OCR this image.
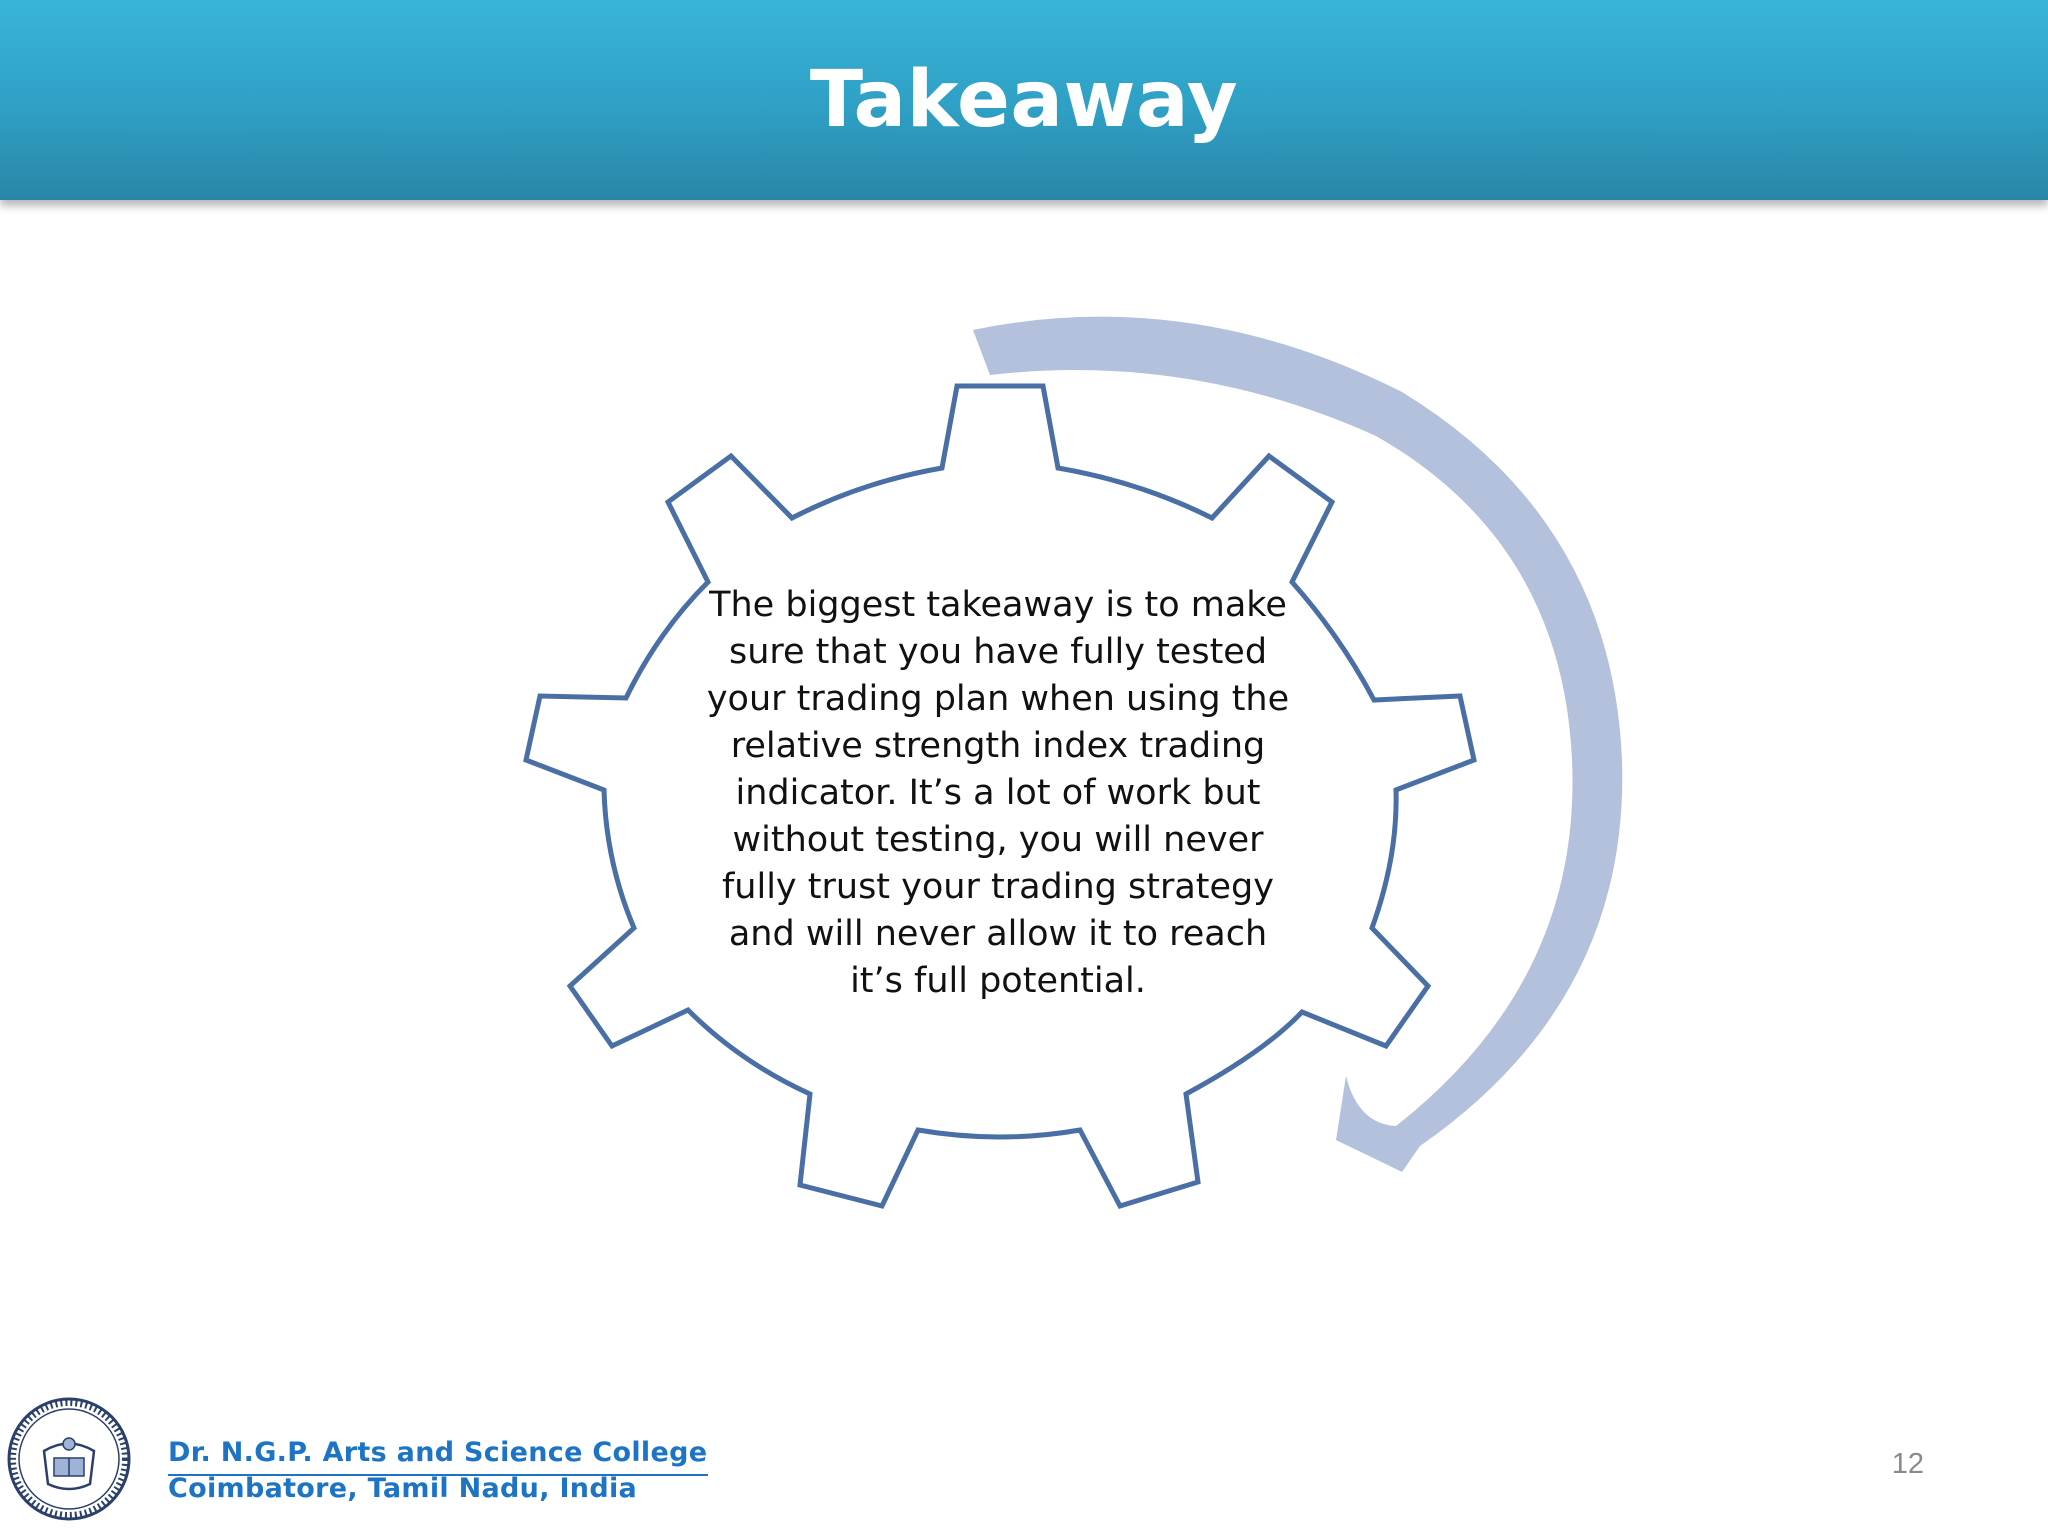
Takeaway
The biggest takeaway is to make
sure that you have fully tested
your trading plan when using the
relative strength index trading
indicator. It’s a lot of work but
without testing, you will never
fully trust your trading strategy
and will never allow it to reach
it’s full potential.
Dr. N.G.P. Arts and Science College
Coimbatore, Tamil Nadu, India
12
